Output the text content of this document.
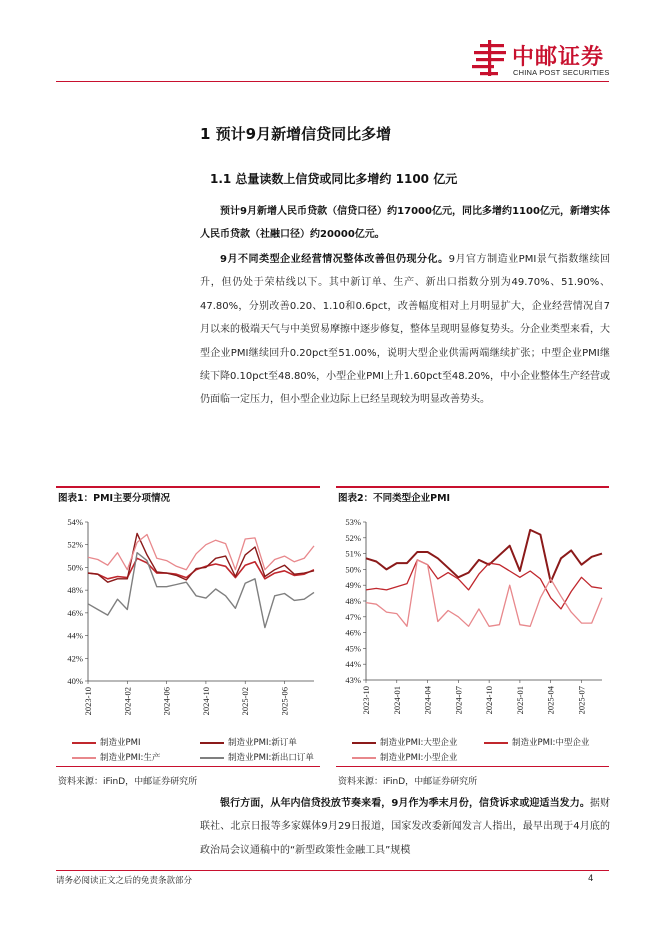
中邮证券
CHINA POST SECURITIES
1 预计9月新增信贷同比多增
1.1 总量读数上信贷或同比多增约 1100 亿元

预计9月新增人民币贷款（信贷口径）约17000亿元，同比多增约1100亿元，新增实体人民币贷款（社融口径）约20000亿元。

9月不同类型企业经营情况整体改善但仍现分化。9月官方制造业PMI景气指数继续回升，但仍处于荣枯线以下。其中新订单、生产、新出口指数分别为49.70%、51.90%、47.80%，分别改善0.20、1.10和0.6pct，改善幅度相对上月明显扩大，企业经营情况自7月以来的极端天气与中美贸易摩擦中逐步修复，整体呈现明显修复势头。分企业类型来看，大型企业PMI继续回升0.20pct至51.00%，说明大型企业供需两端继续扩张；中型企业PMI继续下降0.10pct至48.80%，小型企业PMI上升1.60pct至48.20%，中小企业整体生产经营或仍面临一定压力，但小型企业边际上已经呈现较为明显改善势头。

图表1：PMI主要分项情况
54%
52%
50%
48%
46%
44%
42%
40%
2023-10	2024-02	2024-06	2024-10	2025-02	2025-06
制造业PMI	制造业PMI:新订单
制造业PMI:生产	制造业PMI:新出口订单
资料来源：iFinD，中邮证券研究所
图表2：不同类型企业PMI
53%
52%
51%
50%
49%
48%
47%
46%
45%
44%
43%
2023-10 2024-01 2024-04 2024-07 2024-10 2025-01 2025-04 2025-07
制造业PMI:大型企业	制造业PMI:中型企业
制造业PMI:小型企业
资料来源：iFinD，中邮证券研究所

银行方面，从年内信贷投放节奏来看，9月作为季末月份，信贷诉求或迎适当发力。据财联社、北京日报等多家媒体9月29日报道，国家发改委新闻发言人指出，最早出现于4月底的政治局会议通稿中的“新型政策性金融工具”规模

请务必阅读正文之后的免责条款部分	4
